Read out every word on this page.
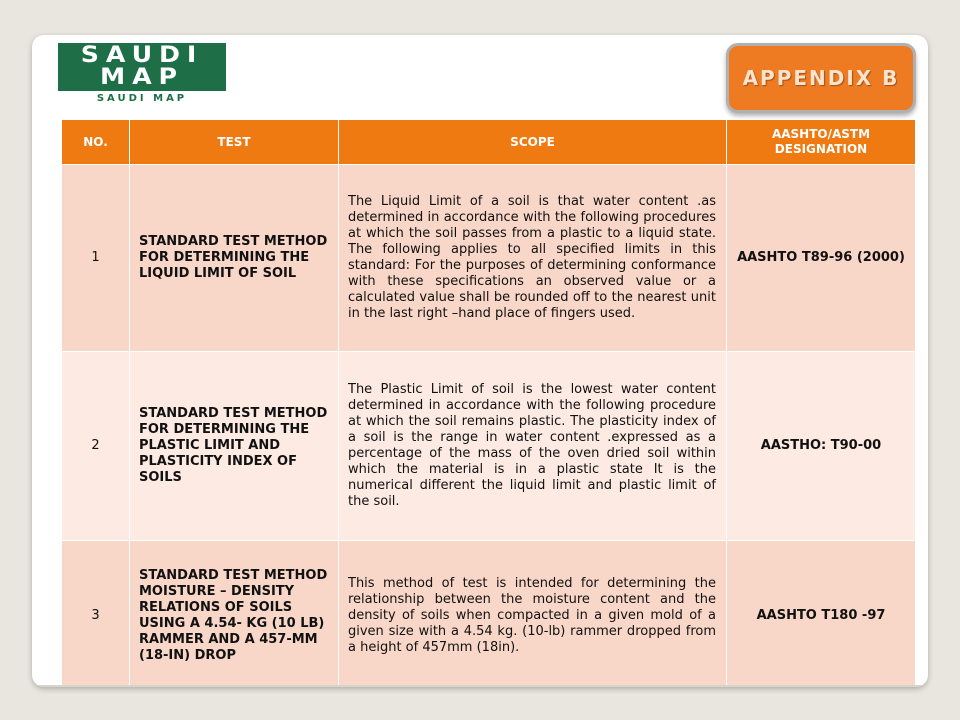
SAUDI
MAP
SAUDI MAP
APPENDIX B
NO.	TEST	SCOPE	AASHTO/ASTM DESIGNATION
1	STANDARD TEST METHOD FOR DETERMINING THE LIQUID LIMIT OF SOIL	The Liquid Limit of a soil is that water content .as determined in accordance with the following procedures at which the soil passes from a plastic to a liquid state. The following applies to all specified limits in this standard: For the purposes of determining conformance with these specifications an observed value or a calculated value shall be rounded off to the nearest unit in the last right –hand place of fingers used.	AASHTO T89-96 (2000)
2	STANDARD TEST METHOD FOR DETERMINING THE PLASTIC LIMIT AND PLASTICITY INDEX OF SOILS	The Plastic Limit of soil is the lowest water content determined in accordance with the following procedure at which the soil remains plastic. The plasticity index of a soil is the range in water content .expressed as a percentage of the mass of the oven dried soil within which the material is in a plastic state It is the numerical different the liquid limit and plastic limit of the soil.	AASTHO: T90-00
3	STANDARD TEST METHOD MOISTURE – DENSITY RELATIONS OF SOILS USING A 4.54- KG (10 LB) RAMMER AND A 457-MM (18-IN) DROP	This method of test is intended for determining the relationship between the moisture content and the density of soils when compacted in a given mold of a given size with a 4.54 kg. (10-lb) rammer dropped from a height of 457mm (18in).	AASHTO T180 -97
